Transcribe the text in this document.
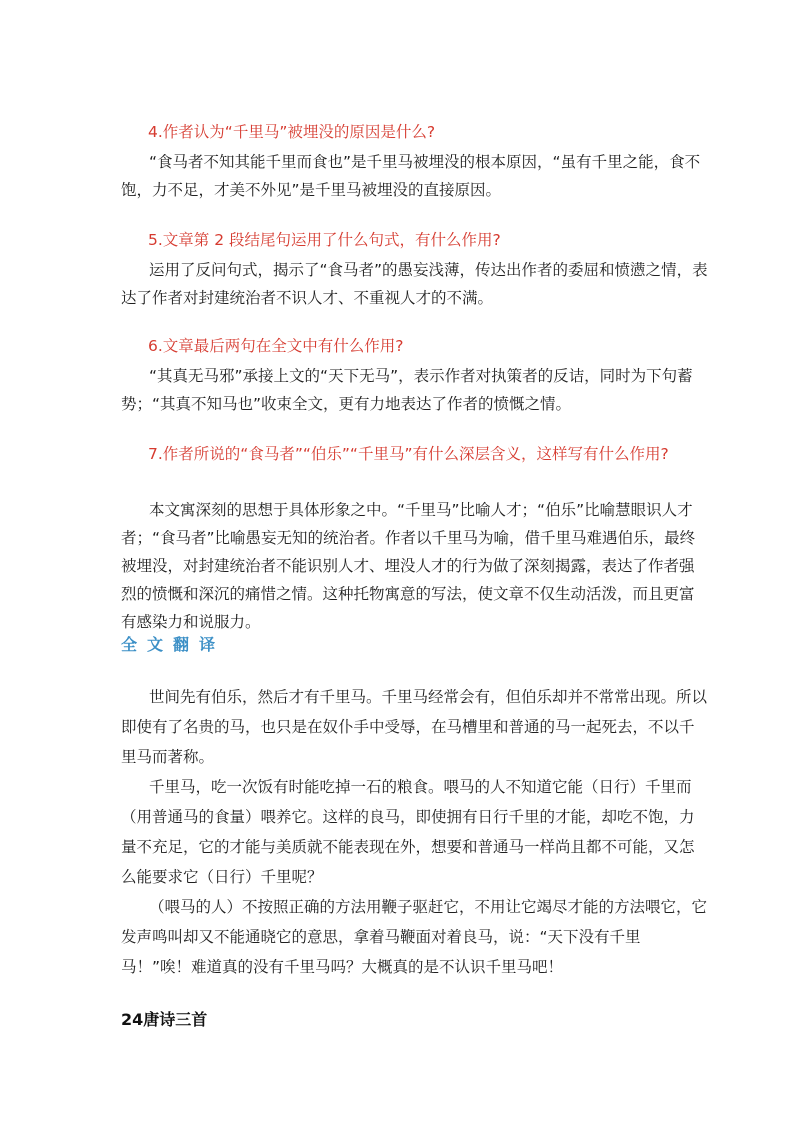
4.作者认为“千里马”被埋没的原因是什么?

“食马者不知其能千里而食也”是千里马被埋没的根本原因，“虽有千里之能，食不饱，力不足，才美不外见”是千里马被埋没的直接原因。

5.文章第 2 段结尾句运用了什么句式，有什么作用?

运用了反问句式，揭示了“食马者”的愚妄浅薄，传达出作者的委屈和愤懑之情，表达了作者对封建统治者不识人才、不重视人才的不满。

6.文章最后两句在全文中有什么作用?

“其真无马邪”承接上文的“天下无马”，表示作者对执策者的反诘，同时为下句蓄势；“其真不知马也”收束全文，更有力地表达了作者的愤慨之情。

7.作者所说的“食马者”“伯乐”“千里马”有什么深层含义，这样写有什么作用?

本文寓深刻的思想于具体形象之中。“千里马”比喻人才；“伯乐”比喻慧眼识人才者；“食马者”比喻愚妄无知的统治者。作者以千里马为喻，借千里马难遇伯乐，最终被埋没，对封建统治者不能识别人才、埋没人才的行为做了深刻揭露，表达了作者强烈的愤慨和深沉的痛惜之情。这种托物寓意的写法，使文章不仅生动活泼，而且更富有感染力和说服力。

全文翻译

世间先有伯乐，然后才有千里马。千里马经常会有，但伯乐却并不常常出现。所以即使有了名贵的马，也只是在奴仆手中受辱，在马槽里和普通的马一起死去，不以千里马而著称。

千里马，吃一次饭有时能吃掉一石的粮食。喂马的人不知道它能（日行）千里而（用普通马的食量）喂养它。这样的良马，即使拥有日行千里的才能，却吃不饱，力量不充足，它的才能与美质就不能表现在外，想要和普通马一样尚且都不可能，又怎么能要求它（日行）千里呢？

（喂马的人）不按照正确的方法用鞭子驱赶它，不用让它竭尽才能的方法喂它，它发声鸣叫却又不能通晓它的意思，拿着马鞭面对着良马，说：“天下没有千里马！”唉！难道真的没有千里马吗？大概真的是不认识千里马吧！

24唐诗三首
